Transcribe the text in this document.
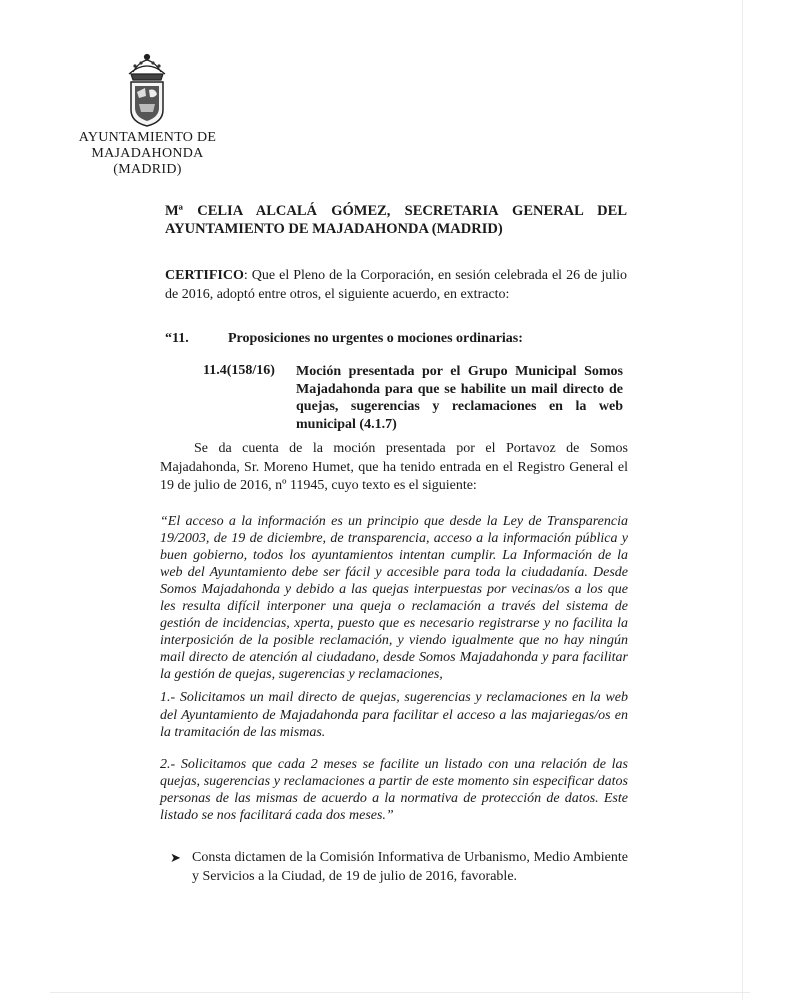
AYUNTAMIENTO DE
MAJADAHONDA
(MADRID)
Mª CELIA ALCALÁ GÓMEZ, SECRETARIA GENERAL DEL
AYUNTAMIENTO DE MAJADAHONDA (MADRID)
CERTIFICO: Que el Pleno de la Corporación, en sesión celebrada el 26 de julio de 2016, adoptó entre otros, el siguiente acuerdo, en extracto:
“11.	Proposiciones no urgentes o mociones ordinarias:
11.4(158/16) Moción presentada por el Grupo Municipal Somos Majadahonda para que se habilite un mail directo de quejas, sugerencias y reclamaciones en la web municipal (4.1.7)
Se da cuenta de la moción presentada por el Portavoz de Somos Majadahonda, Sr. Moreno Humet, que ha tenido entrada en el Registro General el 19 de julio de 2016, nº 11945, cuyo texto es el siguiente:
“El acceso a la información es un principio que desde la Ley de Transparencia 19/2003, de 19 de diciembre, de transparencia, acceso a la información pública y buen gobierno, todos los ayuntamientos intentan cumplir. La Información de la web del Ayuntamiento debe ser fácil y accesible para toda la ciudadanía. Desde Somos Majadahonda y debido a las quejas interpuestas por vecinas/os a los que les resulta difícil interponer una queja o reclamación a través del sistema de gestión de incidencias, xperta, puesto que es necesario registrarse y no facilita la interposición de la posible reclamación, y viendo igualmente que no hay ningún mail directo de atención al ciudadano, desde Somos Majadahonda y para facilitar la gestión de quejas, sugerencias y reclamaciones,
1.- Solicitamos un mail directo de quejas, sugerencias y reclamaciones en la web del Ayuntamiento de Majadahonda para facilitar el acceso a las majariegas/os en la tramitación de las mismas.
2.- Solicitamos que cada 2 meses se facilite un listado con una relación de las quejas, sugerencias y reclamaciones a partir de este momento sin especificar datos personas de las mismas de acuerdo a la normativa de protección de datos. Este listado se nos facilitará cada dos meses.”
➤ Consta dictamen de la Comisión Informativa de Urbanismo, Medio Ambiente y Servicios a la Ciudad, de 19 de julio de 2016, favorable.
